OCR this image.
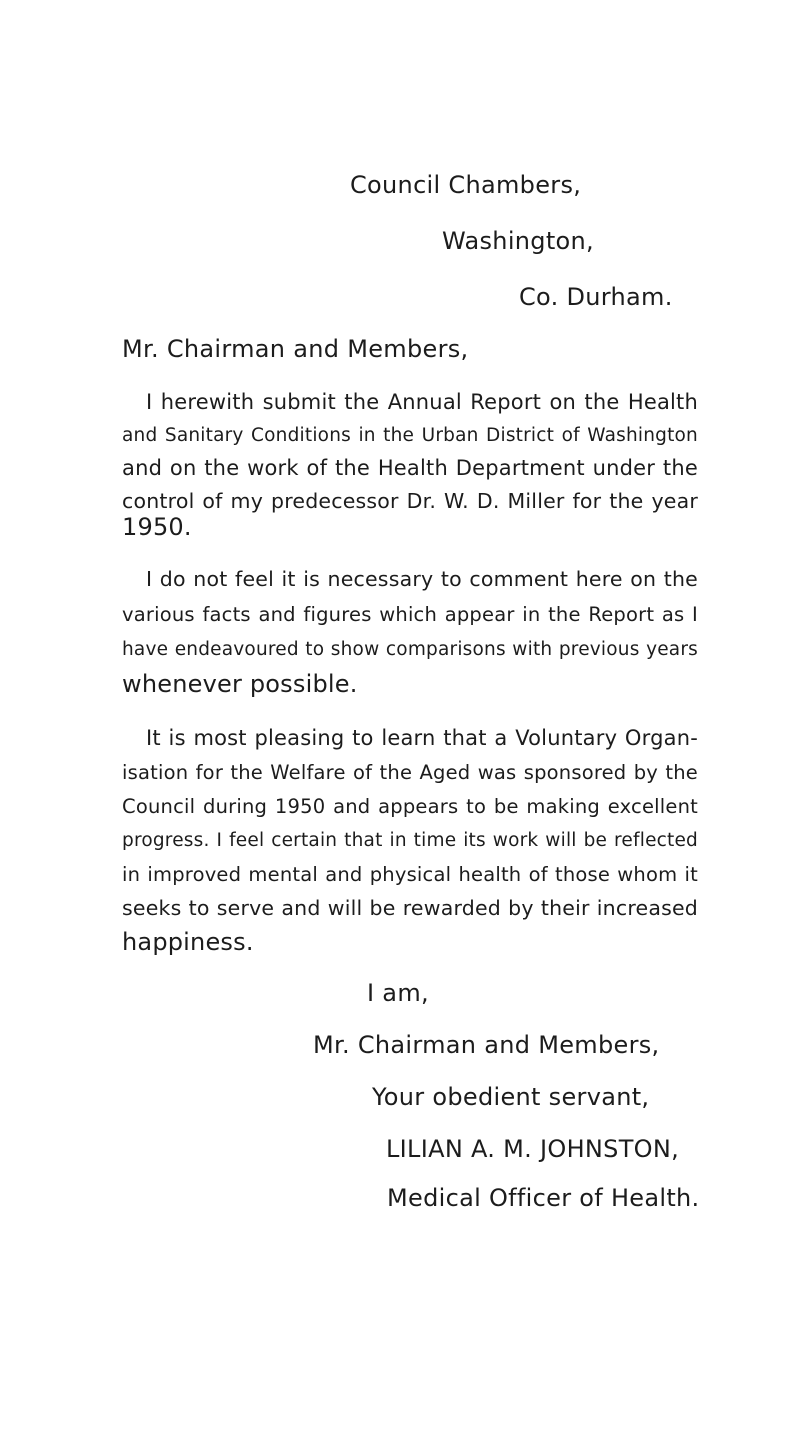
Council Chambers,
Washington,
Co. Durham.
Mr. Chairman and Members,
I herewith submit the Annual Report on the Health
and Sanitary Conditions in the Urban District of Washington
and on the work of the Health Department under the
control of my predecessor Dr. W. D. Miller for the year
1950.
I do not feel it is necessary to comment here on the
various facts and figures which appear in the Report as I
have endeavoured to show comparisons with previous years
whenever possible.
It is most pleasing to learn that a Voluntary Organ-
isation for the Welfare of the Aged was sponsored by the
Council during 1950 and appears to be making excellent
progress. I feel certain that in time its work will be reflected
in improved mental and physical health of those whom it
seeks to serve and will be rewarded by their increased
happiness.
I am,
Mr. Chairman and Members,
Your obedient servant,
LILIAN A. M. JOHNSTON,
Medical Officer of Health.
